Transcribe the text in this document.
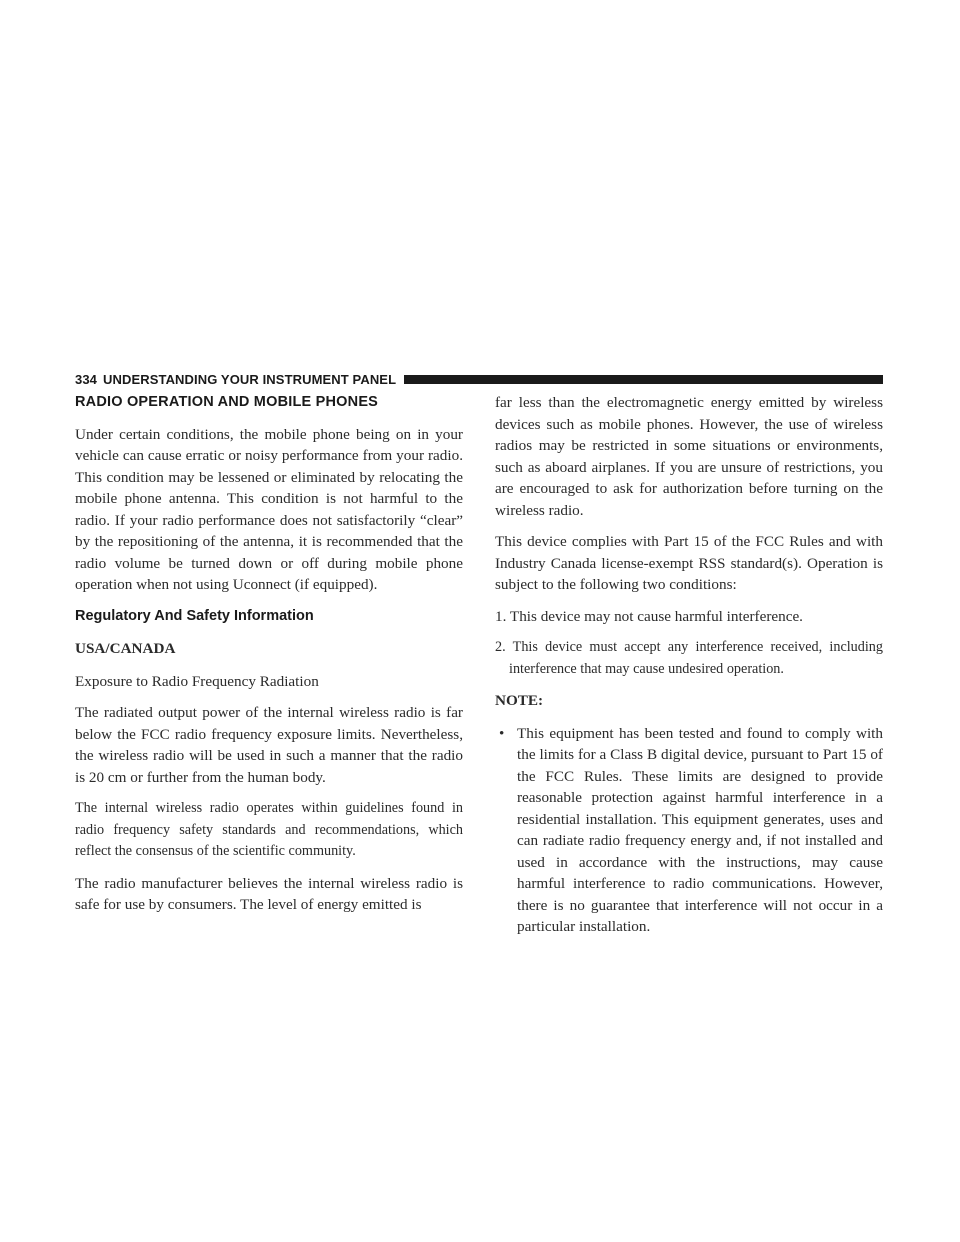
334 UNDERSTANDING YOUR INSTRUMENT PANEL
RADIO OPERATION AND MOBILE PHONES

Under certain conditions, the mobile phone being on in your vehicle can cause erratic or noisy performance from your radio. This condition may be lessened or eliminated by relocating the mobile phone antenna. This condition is not harmful to the radio. If your radio performance does not satisfactorily “clear” by the repositioning of the antenna, it is recommended that the radio volume be turned down or off during mobile phone operation when not using Uconnect (if equipped).

Regulatory And Safety Information

USA/CANADA

Exposure to Radio Frequency Radiation

The radiated output power of the internal wireless radio is far below the FCC radio frequency exposure limits. Nevertheless, the wireless radio will be used in such a manner that the radio is 20 cm or further from the human body.

The internal wireless radio operates within guidelines found in radio frequency safety standards and recommendations, which reflect the consensus of the scientific community.

The radio manufacturer believes the internal wireless radio is safe for use by consumers. The level of energy emitted is

far less than the electromagnetic energy emitted by wireless devices such as mobile phones. However, the use of wireless radios may be restricted in some situations or environments, such as aboard airplanes. If you are unsure of restrictions, you are encouraged to ask for authorization before turning on the wireless radio.

This device complies with Part 15 of the FCC Rules and with Industry Canada license-exempt RSS standard(s). Operation is subject to the following two conditions:

1. This device may not cause harmful interference.

2. This device must accept any interference received, including interference that may cause undesired operation.

NOTE:

• This equipment has been tested and found to comply with the limits for a Class B digital device, pursuant to Part 15 of the FCC Rules. These limits are designed to provide reasonable protection against harmful interference in a residential installation. This equipment generates, uses and can radiate radio frequency energy and, if not installed and used in accordance with the instructions, may cause harmful interference to radio communications. However, there is no guarantee that interference will not occur in a particular installation.
